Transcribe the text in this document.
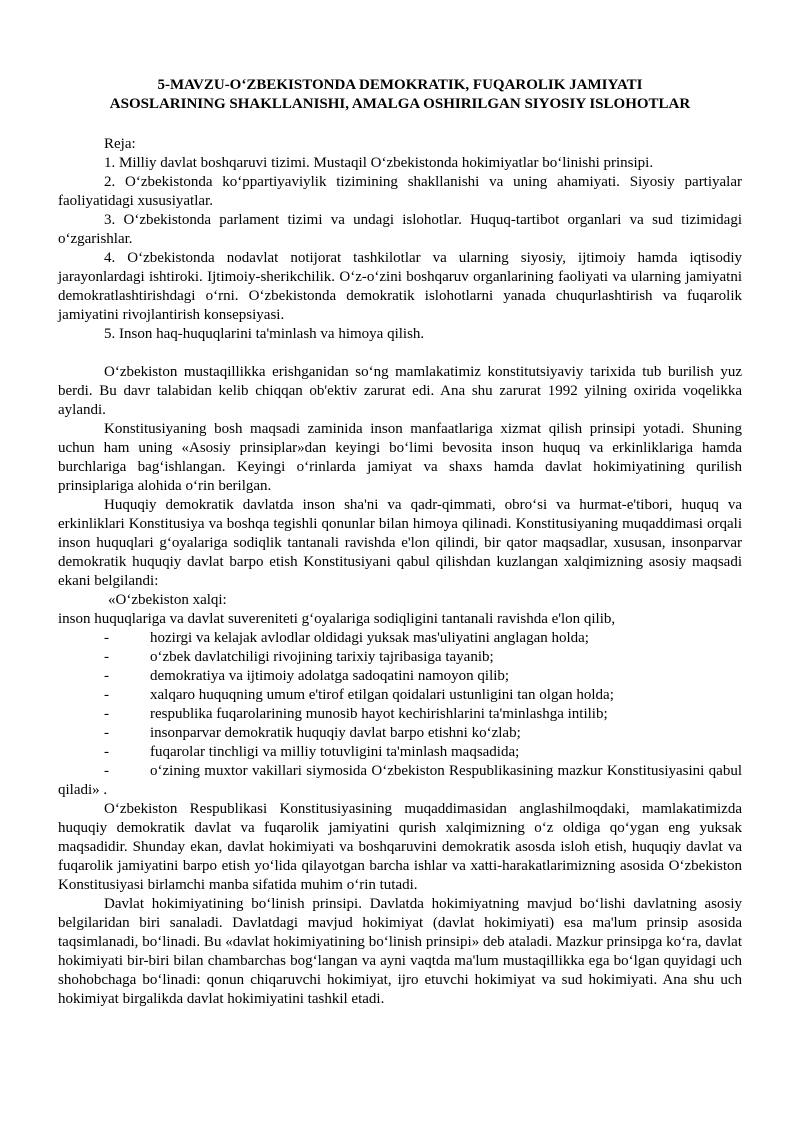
5-MAVZU-O‘ZBEKISTONDA DEMOKRATIK, FUQAROLIK JAMIYATI
ASOSLARINING SHAKLLANISHI, AMALGA OSHIRILGAN SIYOSIY ISLOHOTLAR

Reja:

1. Milliy davlat boshqaruvi tizimi. Mustaqil O‘zbekistonda hokimiyatlar bo‘linishi prinsipi.

2. O‘zbekistonda ko‘ppartiyaviylik tizimining shakllanishi va uning ahamiyati. Siyosiy partiyalar faoliyatidagi xususiyatlar.

3. O‘zbekistonda parlament tizimi va undagi islohotlar. Huquq-tartibot organlari va sud tizimidagi o‘zgarishlar.

4. O‘zbekistonda nodavlat notijorat tashkilotlar va ularning siyosiy, ijtimoiy hamda iqtisodiy jarayonlardagi ishtiroki. Ijtimoiy-sherikchilik. O‘z-o‘zini boshqaruv organlarining faoliyati va ularning jamiyatni demokratlashtirishdagi o‘rni. O‘zbekistonda demokratik islohotlarni yanada chuqurlashtirish va fuqarolik jamiyatini rivojlantirish konsepsiyasi.

5. Inson haq-huquqlarini ta'minlash va himoya qilish.

O‘zbekiston mustaqillikka erishganidan so‘ng mamlakatimiz konstitutsiyaviy tarixida tub burilish yuz berdi. Bu davr talabidan kelib chiqqan ob'ektiv zarurat edi. Ana shu zarurat 1992 yilning oxirida voqelikka aylandi.

Konstitusiyaning bosh maqsadi zaminida inson manfaatlariga xizmat qilish prinsipi yotadi. Shuning uchun ham uning «Asosiy prinsiplar»dan keyingi bo‘limi bevosita inson huquq va erkinliklariga hamda burchlariga bag‘ishlangan. Keyingi o‘rinlarda jamiyat va shaxs hamda davlat hokimiyatining qurilish prinsiplariga alohida o‘rin berilgan.

Huquqiy demokratik davlatda inson sha'ni va qadr-qimmati, obro‘si va hurmat-e'tibori, huquq va erkinliklari Konstitusiya va boshqa tegishli qonunlar bilan himoya qilinadi. Konstitusiyaning muqaddimasi orqali inson huquqlari g‘oyalariga sodiqlik tantanali ravishda e'lon qilindi, bir qator maqsadlar, xususan, insonparvar demokratik huquqiy davlat barpo etish Konstitusiyani qabul qilishdan kuzlangan xalqimizning asosiy maqsadi ekani belgilandi:

«O‘zbekiston xalqi:

inson huquqlariga va davlat suvereniteti g‘oyalariga sodiqligini tantanali ravishda e'lon qilib,

-	hozirgi va kelajak avlodlar oldidagi yuksak mas'uliyatini anglagan holda;
-	o‘zbek davlatchiligi rivojining tarixiy tajribasiga tayanib;
-	demokratiya va ijtimoiy adolatga sadoqatini namoyon qilib;
-	xalqaro huquqning umum e'tirof etilgan qoidalari ustunligini tan olgan holda;
-	respublika fuqarolarining munosib hayot kechirishlarini ta'minlashga intilib;
-	insonparvar demokratik huquqiy davlat barpo etishni ko‘zlab;
-	fuqarolar tinchligi va milliy totuvligini ta'minlash maqsadida;

-	o‘zining muxtor vakillari siymosida O‘zbekiston Respublikasining mazkur Konstitusiyasini qabul qiladi» .

O‘zbekiston Respublikasi Konstitusiyasining muqaddimasidan anglashilmoqdaki, mamlakatimizda huquqiy demokratik davlat va fuqarolik jamiyatini qurish xalqimizning o‘z oldiga qo‘ygan eng yuksak maqsadidir. Shunday ekan, davlat hokimiyati va boshqaruvini demokratik asosda isloh etish, huquqiy davlat va fuqarolik jamiyatini barpo etish yo‘lida qilayotgan barcha ishlar va xatti-harakatlarimizning asosida O‘zbekiston Konstitusiyasi birlamchi manba sifatida muhim o‘rin tutadi.

Davlat hokimiyatining bo‘linish prinsipi. Davlatda hokimiyatning mavjud bo‘lishi davlatning asosiy belgilaridan biri sanaladi. Davlatdagi mavjud hokimiyat (davlat hokimiyati) esa ma'lum prinsip asosida taqsimlanadi, bo‘linadi. Bu «davlat hokimiyatining bo‘linish prinsipi» deb ataladi. Mazkur prinsipga ko‘ra, davlat hokimiyati bir-biri bilan chambarchas bog‘langan va ayni vaqtda ma'lum mustaqillikka ega bo‘lgan quyidagi uch shohobchaga bo‘linadi: qonun chiqaruvchi hokimiyat, ijro etuvchi hokimiyat va sud hokimiyati. Ana shu uch hokimiyat birgalikda davlat hokimiyatini tashkil etadi.
